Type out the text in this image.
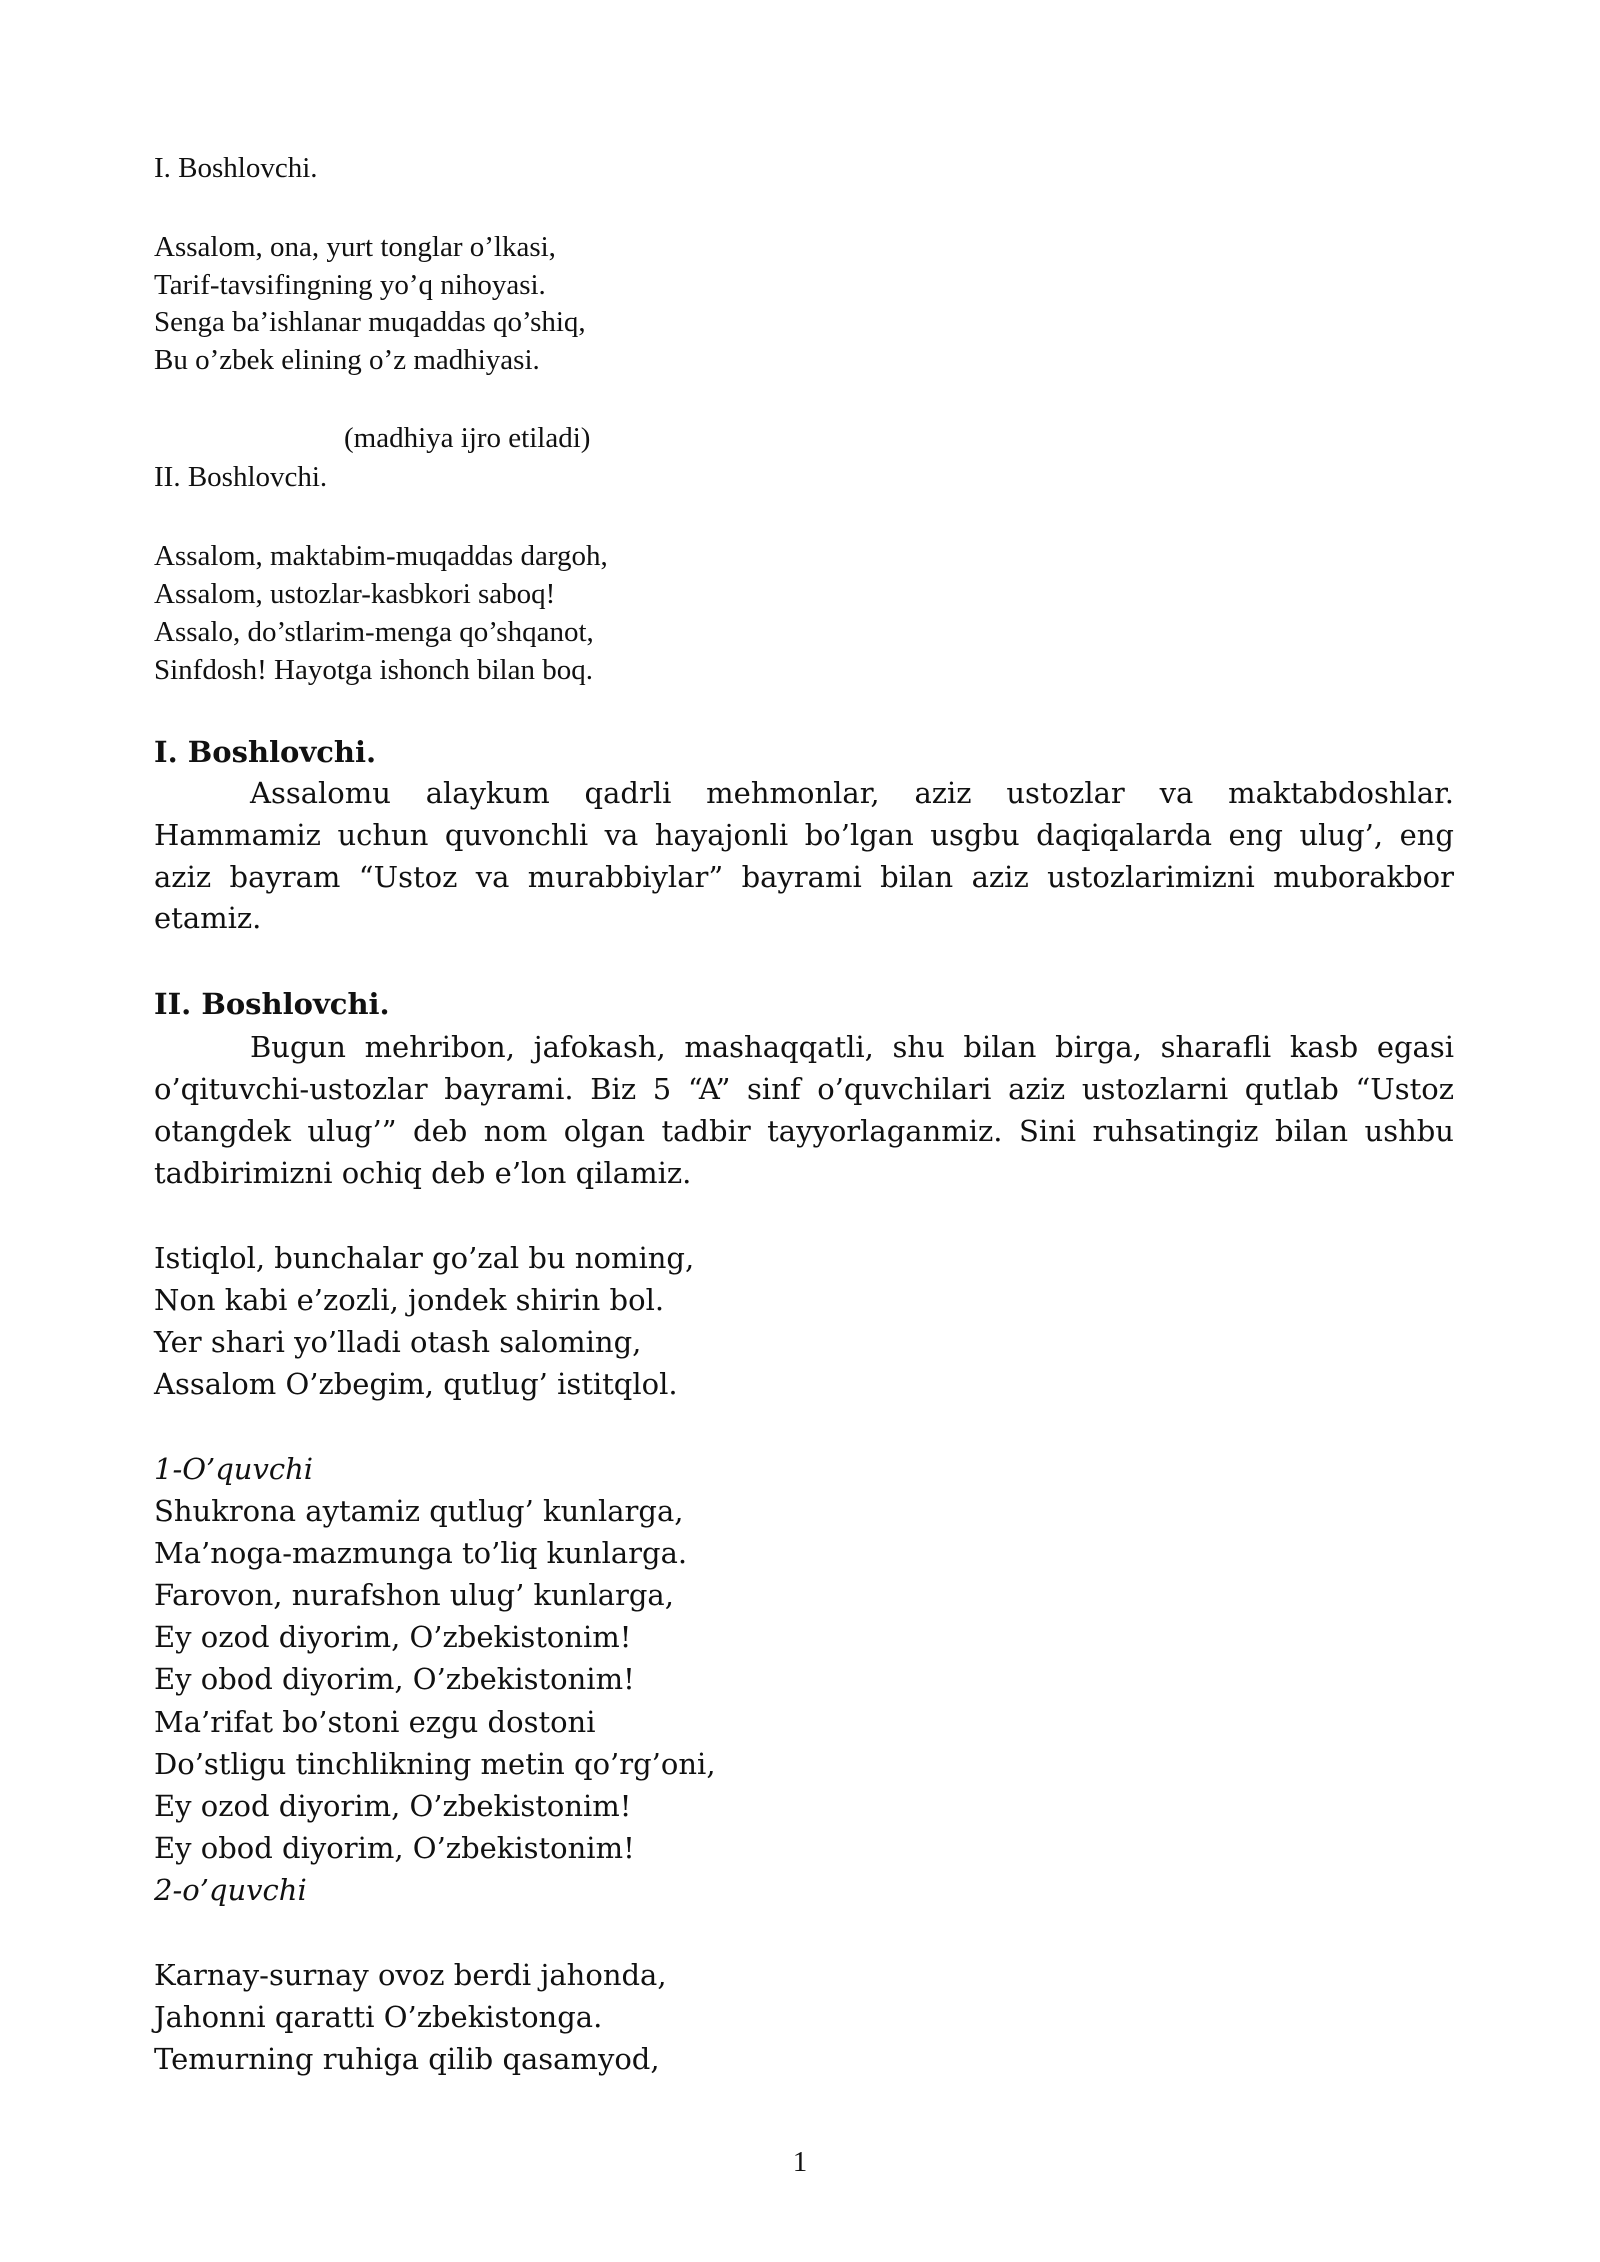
I. Boshlovchi.
Assalom, ona, yurt tonglar o’lkasi,
Tarif-tavsifingning yo’q nihoyasi.
Senga ba’ishlanar muqaddas qo’shiq,
Bu o’zbek elining o’z madhiyasi.
(madhiya ijro etiladi)
II. Boshlovchi.
Assalom, maktabim-muqaddas dargoh,
Assalom, ustozlar-kasbkori saboq!
Assalo, do’stlarim-menga qo’shqanot,
Sinfdosh! Hayotga ishonch bilan boq.
I. Boshlovchi.
Assalomu alaykum qadrli mehmonlar, aziz ustozlar va maktabdoshlar.
Hammamiz uchun quvonchli va hayajonli bo’lgan usgbu daqiqalarda eng ulug’, eng
aziz bayram “Ustoz va murabbiylar” bayrami bilan aziz ustozlarimizni muborakbor
etamiz.
II. Boshlovchi.
Bugun mehribon, jafokash, mashaqqatli, shu bilan birga, sharafli kasb egasi
o’qituvchi-ustozlar bayrami. Biz 5 “A” sinf o’quvchilari aziz ustozlarni qutlab “Ustoz
otangdek ulug’” deb nom olgan tadbir tayyorlaganmiz. Sini ruhsatingiz bilan ushbu
tadbirimizni ochiq deb e’lon qilamiz.
Istiqlol, bunchalar go’zal bu noming,
Non kabi e’zozli, jondek shirin bol.
Yer shari yo’lladi otash saloming,
Assalom O’zbegim, qutlug’ istitqlol.
1-O’quvchi
Shukrona aytamiz qutlug’ kunlarga,
Ma’noga-mazmunga to’liq kunlarga.
Farovon, nurafshon ulug’ kunlarga,
Ey ozod diyorim, O’zbekistonim!
Ey obod diyorim, O’zbekistonim!
Ma’rifat bo’stoni ezgu dostoni
Do’stligu tinchlikning metin qo’rg’oni,
Ey ozod diyorim, O’zbekistonim!
Ey obod diyorim, O’zbekistonim!
2-o’quvchi
Karnay-surnay ovoz berdi jahonda,
Jahonni qaratti O’zbekistonga.
Temurning ruhiga qilib qasamyod,
1
